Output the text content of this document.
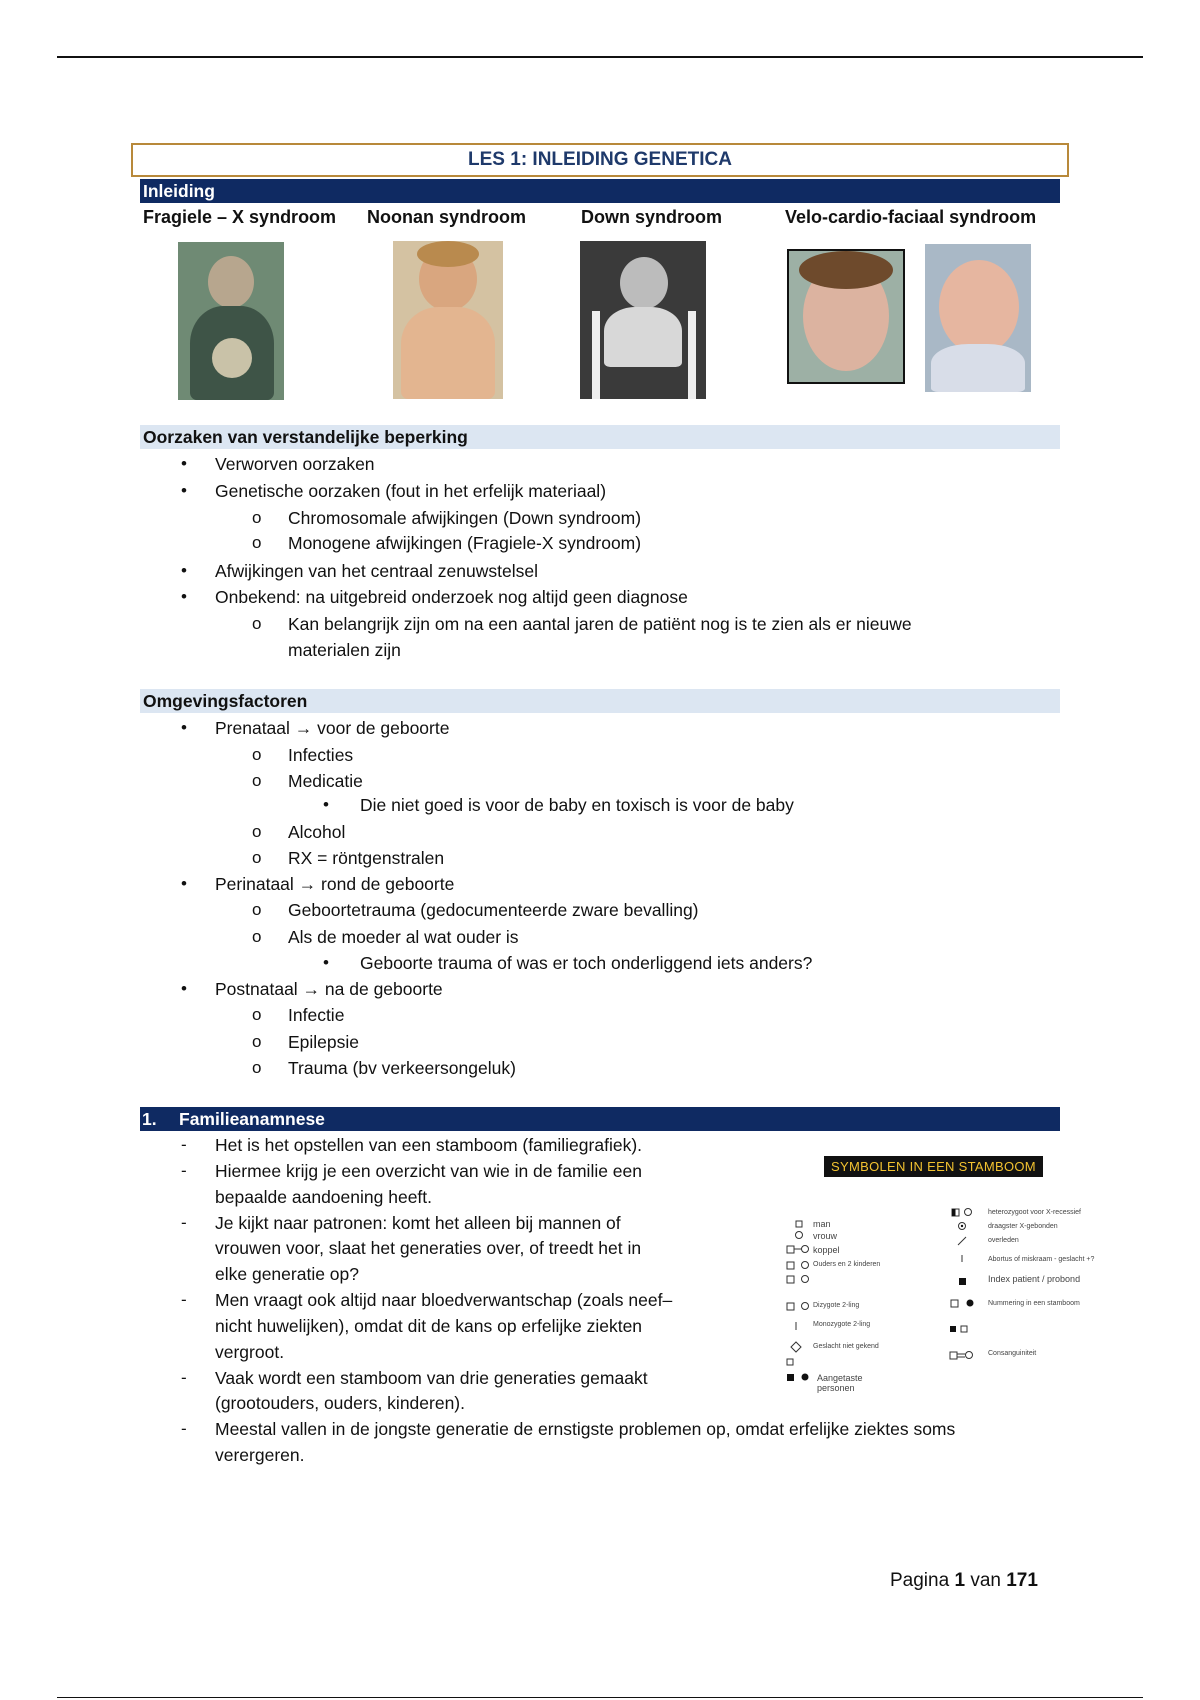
LES 1: INLEIDING GENETICA
Inleiding
Fragiele – X syndroom Noonan syndroom	Down syndroom	Velo-cardio-faciaal syndroom
Oorzaken van verstandelijke beperking
• Verworven oorzaken
• Genetische oorzaken (fout in het erfelijk materiaal)
o Chromosomale afwijkingen (Down syndroom)
o Monogene afwijkingen (Fragiele-X syndroom)
• Afwijkingen van het centraal zenuwstelsel
• Onbekend: na uitgebreid onderzoek nog altijd geen diagnose
o Kan belangrijk zijn om na een aantal jaren de patiënt nog is te zien als er nieuwe
materialen zijn
Omgevingsfactoren
• Prenataal → voor de geboorte
o Infecties
o Medicatie
• Die niet goed is voor de baby en toxisch is voor de baby
o Alcohol
o RX = röntgenstralen
• Perinataal → rond de geboorte
o Geboortetrauma (gedocumenteerde zware bevalling)
o Als de moeder al wat ouder is
• Geboorte trauma of was er toch onderliggend iets anders?
• Postnataal → na de geboorte
o Infectie
o Epilepsie
o Trauma (bv verkeersongeluk)
1. Familieanamnese
- Het is het opstellen van een stamboom (familiegrafiek).
- Hiermee krijg je een overzicht van wie in de familie een
bepaalde aandoening heeft.
- Je kijkt naar patronen: komt het alleen bij mannen of
vrouwen voor, slaat het generaties over, of treedt het in
elke generatie op?
- Men vraagt ook altijd naar bloedverwantschap (zoals neef–
nicht huwelijken), omdat dit de kans op erfelijke ziekten
vergroot.
- Vaak wordt een stamboom van drie generaties gemaakt
(grootouders, ouders, kinderen).
- Meestal vallen in de jongste generatie de ernstigste problemen op, omdat erfelijke ziektes soms
verergeren.
SYMBOLEN IN EEN STAMBOOM
man
vrouw
koppel
Ouders en 2 kinderen
Dizygote 2-ling
Monozygote 2-ling
Geslacht niet gekend
Aangetaste personen
heterozygoot voor X-recessief
draagster X-gebonden
overleden
Abortus of miskraam - geslacht +?
Index patient / probond
Nummering in een stamboom
Consanguiniteit
Pagina 1 van 171
